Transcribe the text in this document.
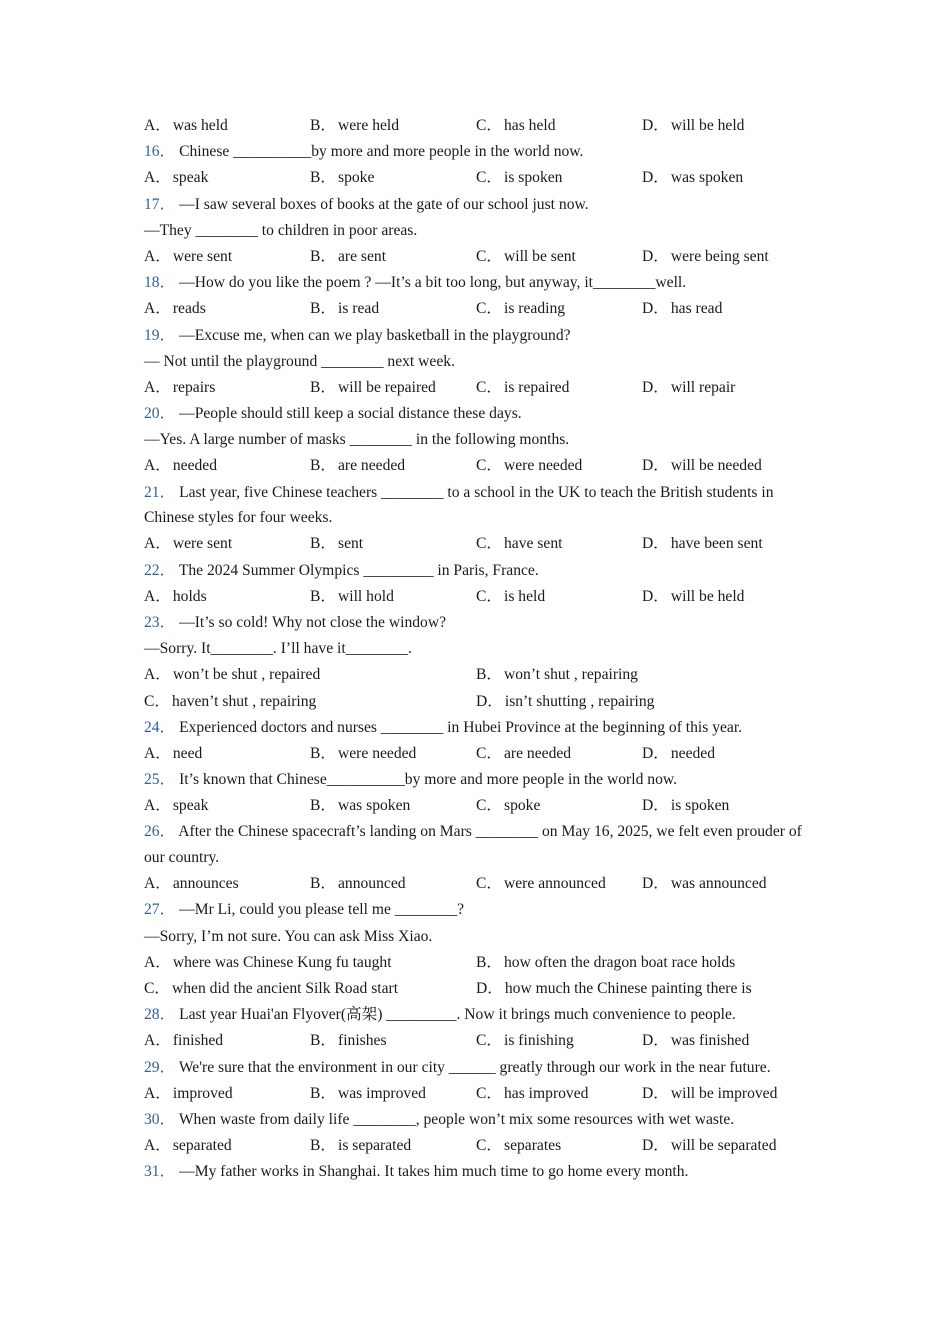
A． was held	B． were held	C． has held	D． will be held
16． Chinese __________by more and more people in the world now.
A． speak	B． spoke	C． is spoken	D． was spoken
17． —I saw several boxes of books at the gate of our school just now.
—They ________ to children in poor areas.
A． were sent	B． are sent	C． will be sent	D． were being sent
18． —How do you like the poem ? —It’s a bit too long, but anyway, it________well.
A． reads	B． is read	C． is reading	D． has read
19． —Excuse me, when can we play basketball in the playground?
— Not until the playground ________ next week.
A． repairs	B． will be repaired	C． is repaired	D． will repair
20． —People should still keep a social distance these days.
—Yes. A large number of masks ________ in the following months.
A． needed	B． are needed	C． were needed	D． will be needed
21． Last year, five Chinese teachers ________ to a school in the UK to teach the British students in Chinese styles for four weeks.
A． were sent	B． sent	C． have sent	D． have been sent
22． The 2024 Summer Olympics _________ in Paris, France.
A． holds	B． will hold	C． is held	D． will be held
23． —It’s so cold! Why not close the window?
—Sorry. It________. I’ll have it________.
A． won’t be shut , repaired	B． won’t shut , repairing
C． haven’t shut , repairing	D． isn’t shutting , repairing
24． Experienced doctors and nurses ________ in Hubei Province at the beginning of this year.
A． need	B． were needed	C． are needed	D． needed
25． It’s known that Chinese__________by more and more people in the world now.
A． speak	B． was spoken	C． spoke	D． is spoken
26． After the Chinese spacecraft’s landing on Mars ________ on May 16, 2025, we felt even prouder of our country.
A． announces	B． announced	C． were announced	D． was announced
27． —Mr Li, could you please tell me ________?
—Sorry, I’m not sure. You can ask Miss Xiao.
A． where was Chinese Kung fu taught	B． how often the dragon boat race holds
C． when did the ancient Silk Road start	D． how much the Chinese painting there is
28． Last year Huai'an Flyover(高架) _________. Now it brings much convenience to people.
A． finished	B． finishes	C． is finishing	D． was finished
29． We're sure that the environment in our city ______ greatly through our work in the near future.
A． improved	B． was improved	C． has improved	D． will be improved
30． When waste from daily life ________, people won’t mix some resources with wet waste.
A． separated	B． is separated	C． separates	D． will be separated
31． —My father works in Shanghai. It takes him much time to go home every month.
